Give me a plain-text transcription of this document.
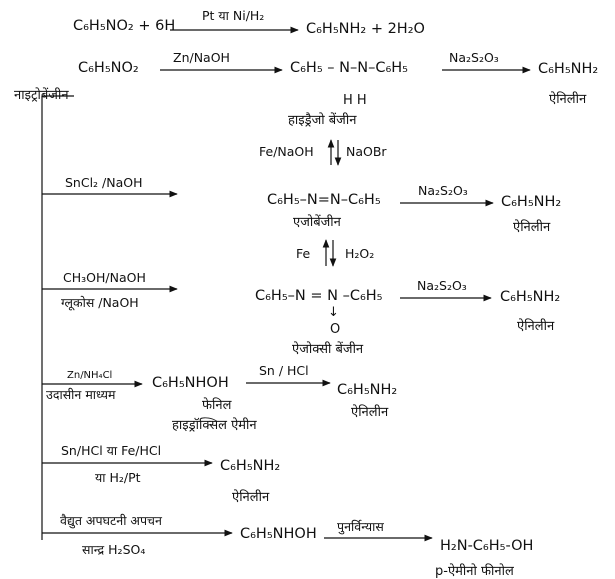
C₆H₅NO₂ + 6H
Pt या Ni/H₂
C₆H₅NH₂ + 2H₂O
C₆H₅NO₂
नाइट्रोबेंजीन
Zn/NaOH
C₆H₅ – N–N–C₆H₅
H H
हाइड्रैजो बेंजीन
Na₂S₂O₃
C₆H₅NH₂
ऐनिलीन
Fe/NaOH	NaOBr
SnCl₂ /NaOH
C₆H₅–N=N–C₆H₅
एजोबेंजीन
Na₂S₂O₃
C₆H₅NH₂
ऐनिलीन
Fe	H₂O₂
CH₃OH/NaOH
ग्लूकोस /NaOH	C₆H₅–N = N –C₆H₅
↓
O
ऐजोक्सी बेंजीन
Na₂S₂O₃
C₆H₅NH₂
ऐनिलीन
Zn/NH₄Cl
उदासीन माध्यम
C₆H₅NHOH
फेनिल
हाइड्रॉक्सिल ऐमीन
Sn / HCl
C₆H₅NH₂
ऐनिलीन
Sn/HCl या Fe/HCl
या H₂/Pt
C₆H₅NH₂
ऐनिलीन
वैद्युत अपघटनी अपचन
सान्द्र H₂SO₄
C₆H₅NHOH पुनर्विन्यास
H₂N-C₆H₅-OH
p-ऐमीनो फीनोल
